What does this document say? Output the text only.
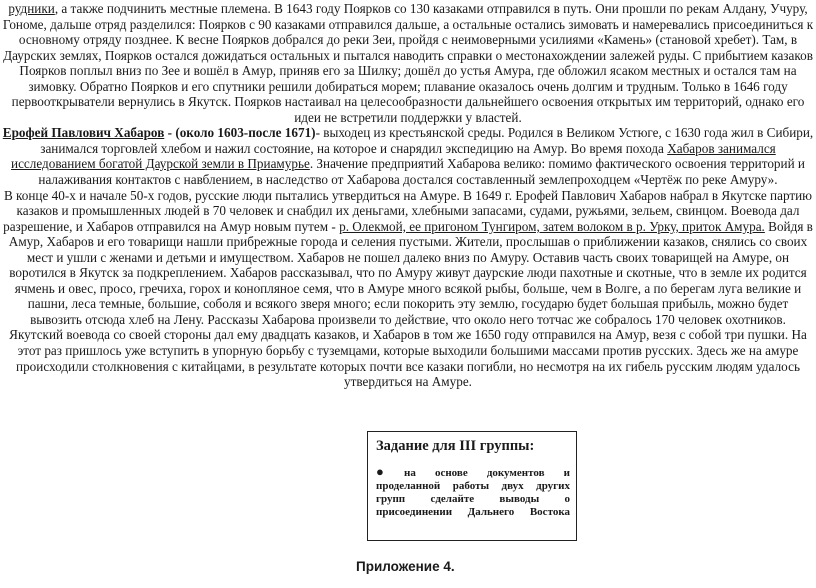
рудники, а также подчинить местные племена. В 1643 году Поярков со 130 казаками отправился в путь. Они прошли по рекам Алдану, Учуру, Гономе, дальше отряд разделился: Поярков с 90 казаками отправился дальше, а остальные остались зимовать и намеревались присоединиться к основному отряду позднее. К весне Поярков добрался до реки Зеи, пройдя с неимоверными усилиями «Камень» (становой хребет). Там, в Даурских землях, Поярков остался дожидаться остальных и пытался наводить справки о местонахождении залежей руды. С прибытием казаков Поярков поплыл вниз по Зее и вошёл в Амур, приняв его за Шилку; дошёл до устья Амура, где обложил ясаком местных и остался там на зимовку. Обратно Поярков и его спутники решили добираться морем; плавание оказалось очень долгим и трудным. Только в 1646 году первооткрыватели вернулись в Якутск. Поярков настаивал на целесообразности дальнейшего освоения открытых им территорий, однако его идеи не встретили поддержки у властей.

Ерофей Павлович Хабаров - (около 1603-после 1671)- выходец из крестьянской среды. Родился в Великом Устюге, с 1630 года жил в Сибири, занимался торговлей хлебом и нажил состояние, на которое и снарядил экспедицию на Амур. Во время похода Хабаров занимался исследованием богатой Даурской земли в Приамурье. Значение предприятий Хабарова велико: помимо фактического освоения территорий и налаживания контактов с навблением, в наследство от Хабарова достался составленный землепроходцем «Чертёж по реке Амуру».

В конце 40-х и начале 50-х годов, русские люди пытались утвердиться на Амуре. В 1649 г. Ерофей Павлович Хабаров набрал в Якутске партию казаков и промышленных людей в 70 человек и снабдил их деньгами, хлебными запасами, судами, ружьями, зельем, свинцом. Воевода дал разрешение, и Хабаров отправился на Амур новым путем - р. Олекмой, ее пригоном Тунгиром, затем волоком в р. Урку, приток Амура. Войдя в Амур, Хабаров и его товарищи нашли прибрежные города и селения пустыми. Жители, прослышав о приближении казаков, снялись со своих мест и ушли с женами и детьми и имуществом. Хабаров не пошел далеко вниз по Амуру. Оставив часть своих товарищей на Амуре, он воротился в Якутск за подкреплением. Хабаров рассказывал, что по Амуру живут даурские люди пахотные и скотные, что в земле их родится ячмень и овес, просо, гречиха, горох и конопляное семя, что в Амуре много всякой рыбы, больше, чем в Волге, а по берегам луга великие и пашни, леса темные, большие, соболя и всякого зверя много; если покорить эту землю, государю будет большая прибыль, можно будет вывозить отсюда хлеб на Лену. Рассказы Хабарова произвели то действие, что около него тотчас же собралось 170 человек охотников. Якутский воевода со своей стороны дал ему двадцать казаков, и Хабаров в том же 1650 году отправился на Амур, везя с собой три пушки. На этот раз пришлось уже вступить в упорную борьбу с туземцами, которые выходили большими массами против русских. Здесь же на амуре происходили столкновения с китайцами, в результате которых почти все казаки погибли, но несмотря на их гибель русским людям удалось утвердиться на Амуре.

Задание для III группы:
● на основе документов и проделанной работы двух других групп сделайте выводы о присоединении Дальнего Востока
Приложение 4.
